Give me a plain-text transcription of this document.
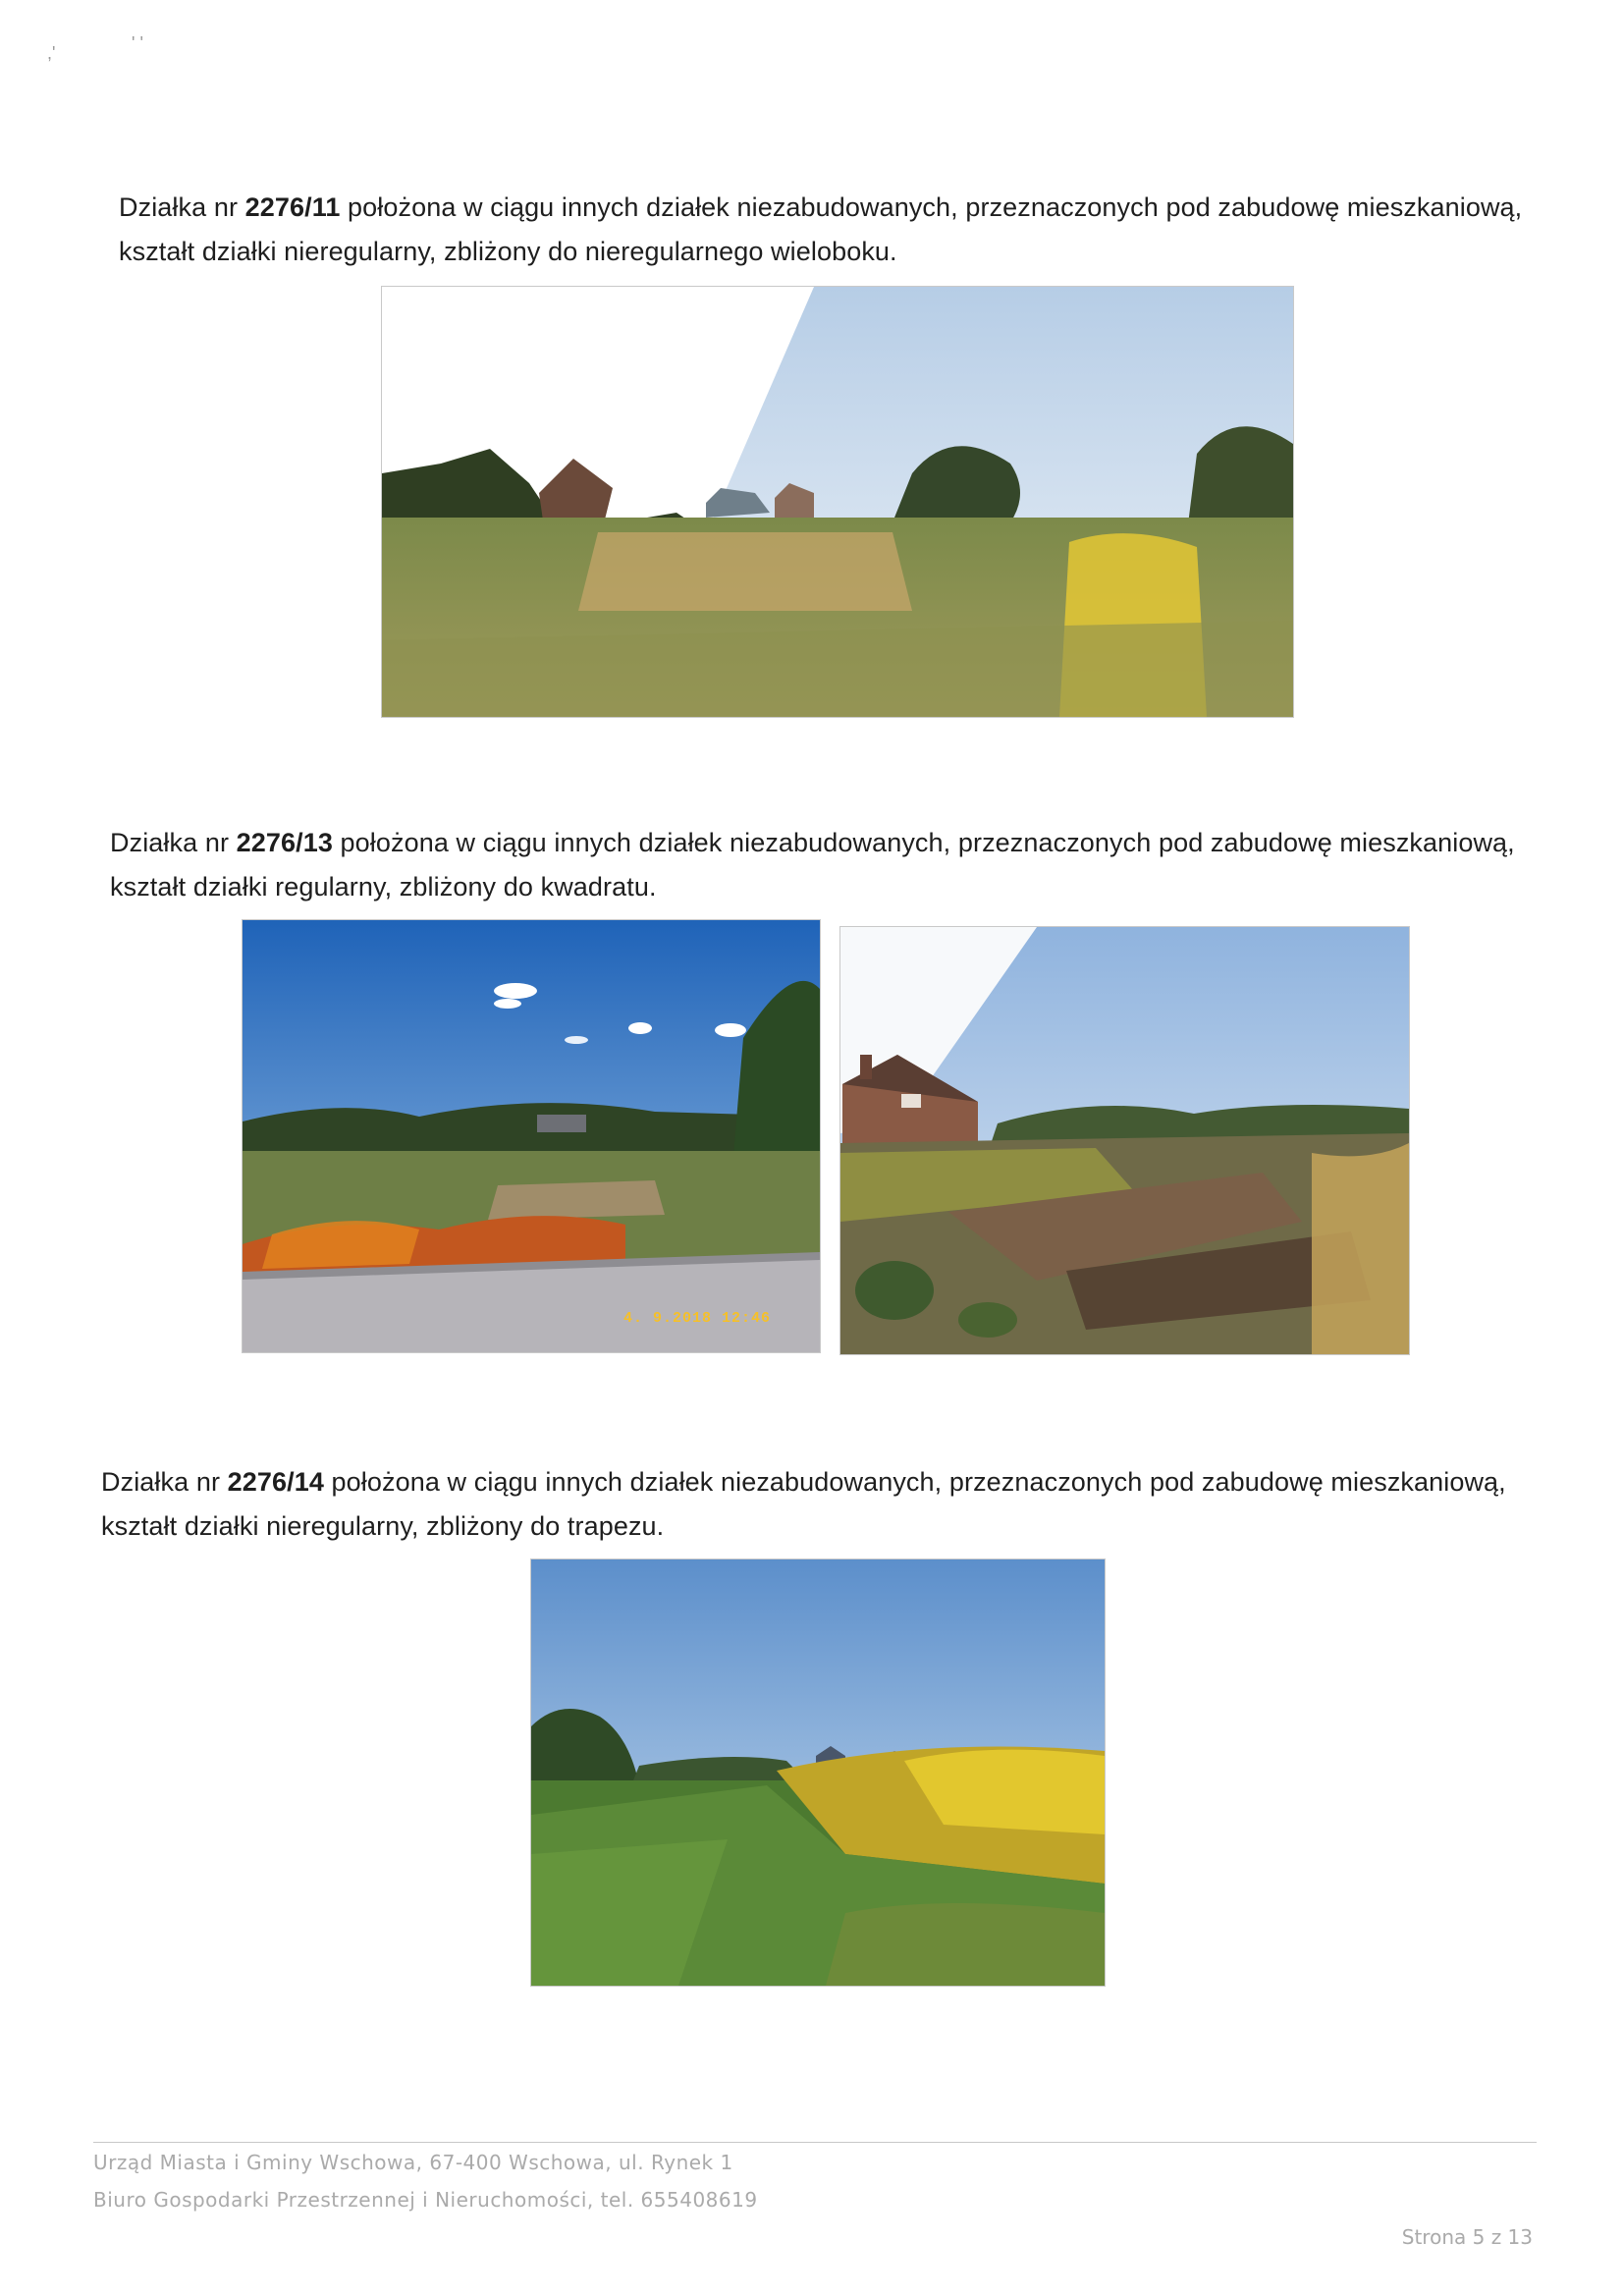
,'	' '
Działka nr 2276/11 położona w ciągu innych działek niezabudowanych, przeznaczonych pod zabudowę mieszkaniową,
kształt działki nieregularny, zbliżony do nieregularnego wieloboku.
Działka nr 2276/13 położona w ciągu innych działek niezabudowanych, przeznaczonych pod zabudowę mieszkaniową,
kształt działki regularny, zbliżony do kwadratu.
4. 9.2018 12:46
Działka nr 2276/14 położona w ciągu innych działek niezabudowanych, przeznaczonych pod zabudowę mieszkaniową,
kształt działki nieregularny, zbliżony do trapezu.
Urząd Miasta i Gminy Wschowa, 67-400 Wschowa, ul. Rynek 1
Biuro Gospodarki Przestrzennej i Nieruchomości, tel. 655408619
Strona 5 z 13
